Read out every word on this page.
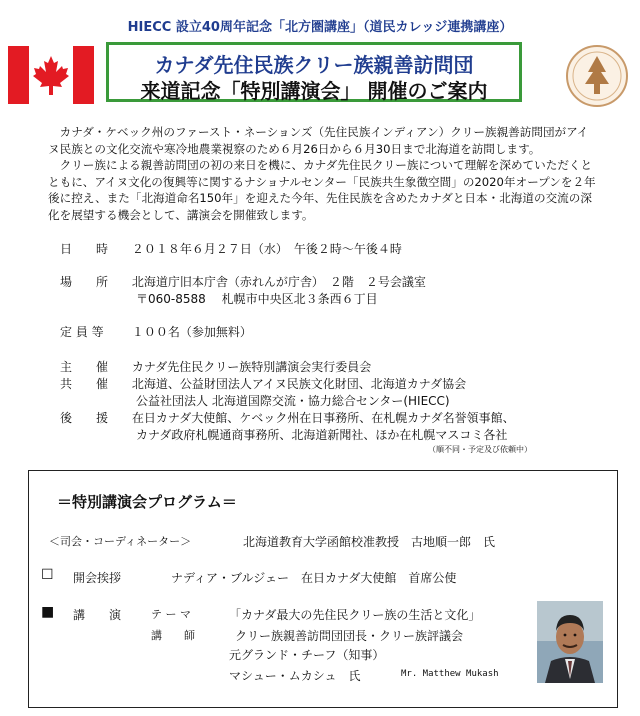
HIECC 設立40周年記念「北方圏講座」（道民カレッジ連携講座）
カナダ先住民族クリー族親善訪問団
来道記念「特別講演会」 開催のご案内

カナダ・ケベック州のファースト・ネーションズ（先住民族インディアン）クリー族親善訪問団がアイヌ民族との文化交流や寒冷地農業視察のため６月26日から６月30日まで北海道を訪問します。

クリー族による親善訪問団の初の来日を機に、カナダ先住民クリー族について理解を深めていただくとともに、アイヌ文化の復興等に関するナショナルセンター「民族共生象徴空間」の2020年オープンを２年後に控え、また「北海道命名150年」を迎えた今年、先住民族を含めたカナダと日本・北海道の交流の深化を展望する機会として、講演会を開催致します。

日　　時 ２０１８年６月２７日（水）　午後２時～午後４時
場　　所 北海道庁旧本庁舎（赤れんが庁舎）　２階　２号会議室
〒060-8588　 札幌市中央区北３条西６丁目
定 員 等 １００名（参加無料）
主　　催 カナダ先住民クリー族特別講演会実行委員会
共　　催 北海道、公益財団法人アイヌ民族文化財団、北海道カナダ協会
公益社団法人 北海道国際交流・協力総合センター(HIECC)
後　　援 在日カナダ大使館、ケベック州在日事務所、在札幌カナダ名誉領事館、
カナダ政府札幌通商事務所、北海道新聞社、ほか在札幌マスコミ各社
（順不同・予定及び依頼中）
＝特別講演会プログラム＝
＜司会・コーディネーター＞	北海道教育大学函館校准教授　古地順一郎　氏
☐ 開会挨拶	ナディア・ブルジェー　在日カナダ大使館　首席公使
■ 講　　演	テ ー マ	「カナダ最大の先住民クリー族の生活と文化」
講　　師	クリー族親善訪問団団長・クリー族評議会
元グランド・チーフ（知事）
マシュー・ムカシュ　氏	Mr. Matthew Mukash
